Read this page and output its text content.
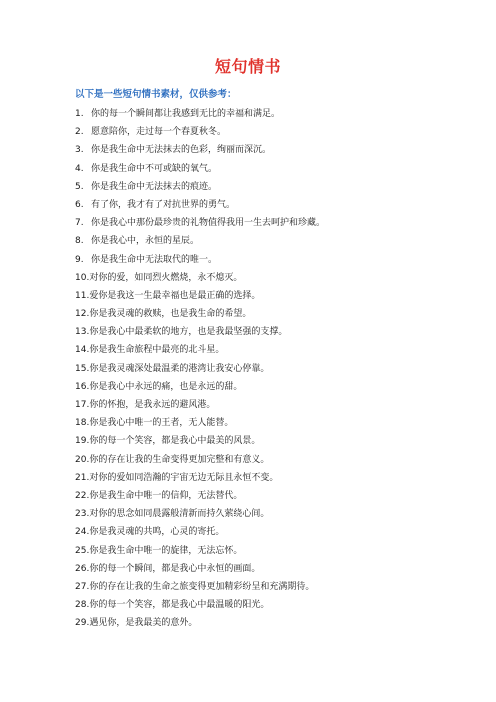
短句情书
以下是一些短句情书素材，仅供参考：
1. 你的每一个瞬间都让我感到无比的幸福和满足。
2. 愿意陪你，走过每一个春夏秋冬。
3. 你是我生命中无法抹去的色彩，绚丽而深沉。
4. 你是我生命中不可或缺的氧气。
5. 你是我生命中无法抹去的痕迹。
6. 有了你，我才有了对抗世界的勇气。
7. 你是我心中那份最珍贵的礼物值得我用一生去呵护和珍藏。
8. 你是我心中，永恒的星辰。
9. 你是我生命中无法取代的唯一。
10. 对你的爱，如同烈火燃烧，永不熄灭。
11. 爱你是我这一生最幸福也是最正确的选择。
12. 你是我灵魂的救赎，也是我生命的希望。
13. 你是我心中最柔软的地方，也是我最坚强的支撑。
14. 你是我生命旅程中最亮的北斗星。
15. 你是我灵魂深处最温柔的港湾让我安心停靠。
16. 你是我心中永远的痛，也是永远的甜。
17. 你的怀抱，是我永远的避风港。
18. 你是我心中唯一的王者，无人能替。
19. 你的每一个笑容，都是我心中最美的风景。
20. 你的存在让我的生命变得更加完整和有意义。
21. 对你的爱如同浩瀚的宇宙无边无际且永恒不变。
22. 你是我生命中唯一的信仰，无法替代。
23. 对你的思念如同晨露般清新而持久萦绕心间。
24. 你是我灵魂的共鸣，心灵的寄托。
25. 你是我生命中唯一的旋律，无法忘怀。
26. 你的每一个瞬间，都是我心中永恒的画面。
27. 你的存在让我的生命之旅变得更加精彩纷呈和充满期待。
28. 你的每一个笑容，都是我心中最温暖的阳光。
29. 遇见你，是我最美的意外。
